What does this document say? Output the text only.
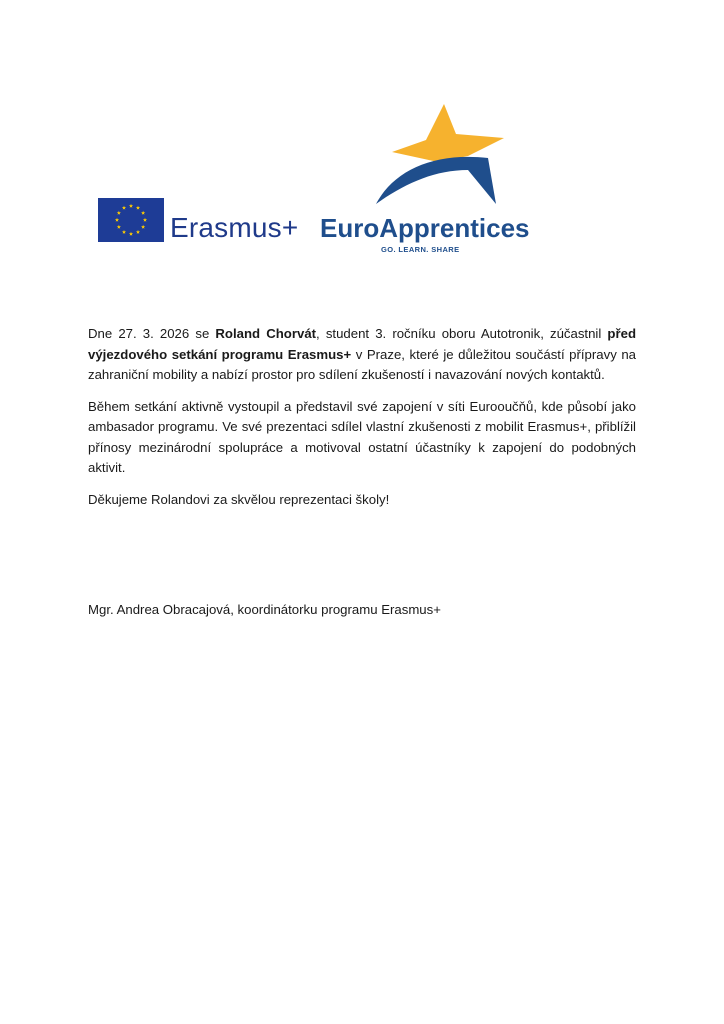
Erasmus+ EuroApprentices
GO. LEARN. SHARE

Dne 27. 3. 2026 se Roland Chorvát, student 3. ročníku oboru Autotronik, zúčastnil před výjezdového setkání programu Erasmus+ v Praze, které je důležitou součástí přípravy na zahraniční mobility a nabízí prostor pro sdílení zkušeností i navazování nových kontaktů.

Během setkání aktivně vystoupil a představil své zapojení v síti Eurooučňů, kde působí jako ambasador programu. Ve své prezentaci sdílel vlastní zkušenosti z mobilit Erasmus+, přiblížil přínosy mezinárodní spolupráce a motivoval ostatní účastníky k zapojení do podobných aktivit.

Děkujeme Rolandovi za skvělou reprezentaci školy!

Mgr. Andrea Obracajová, koordinátorku programu Erasmus+
